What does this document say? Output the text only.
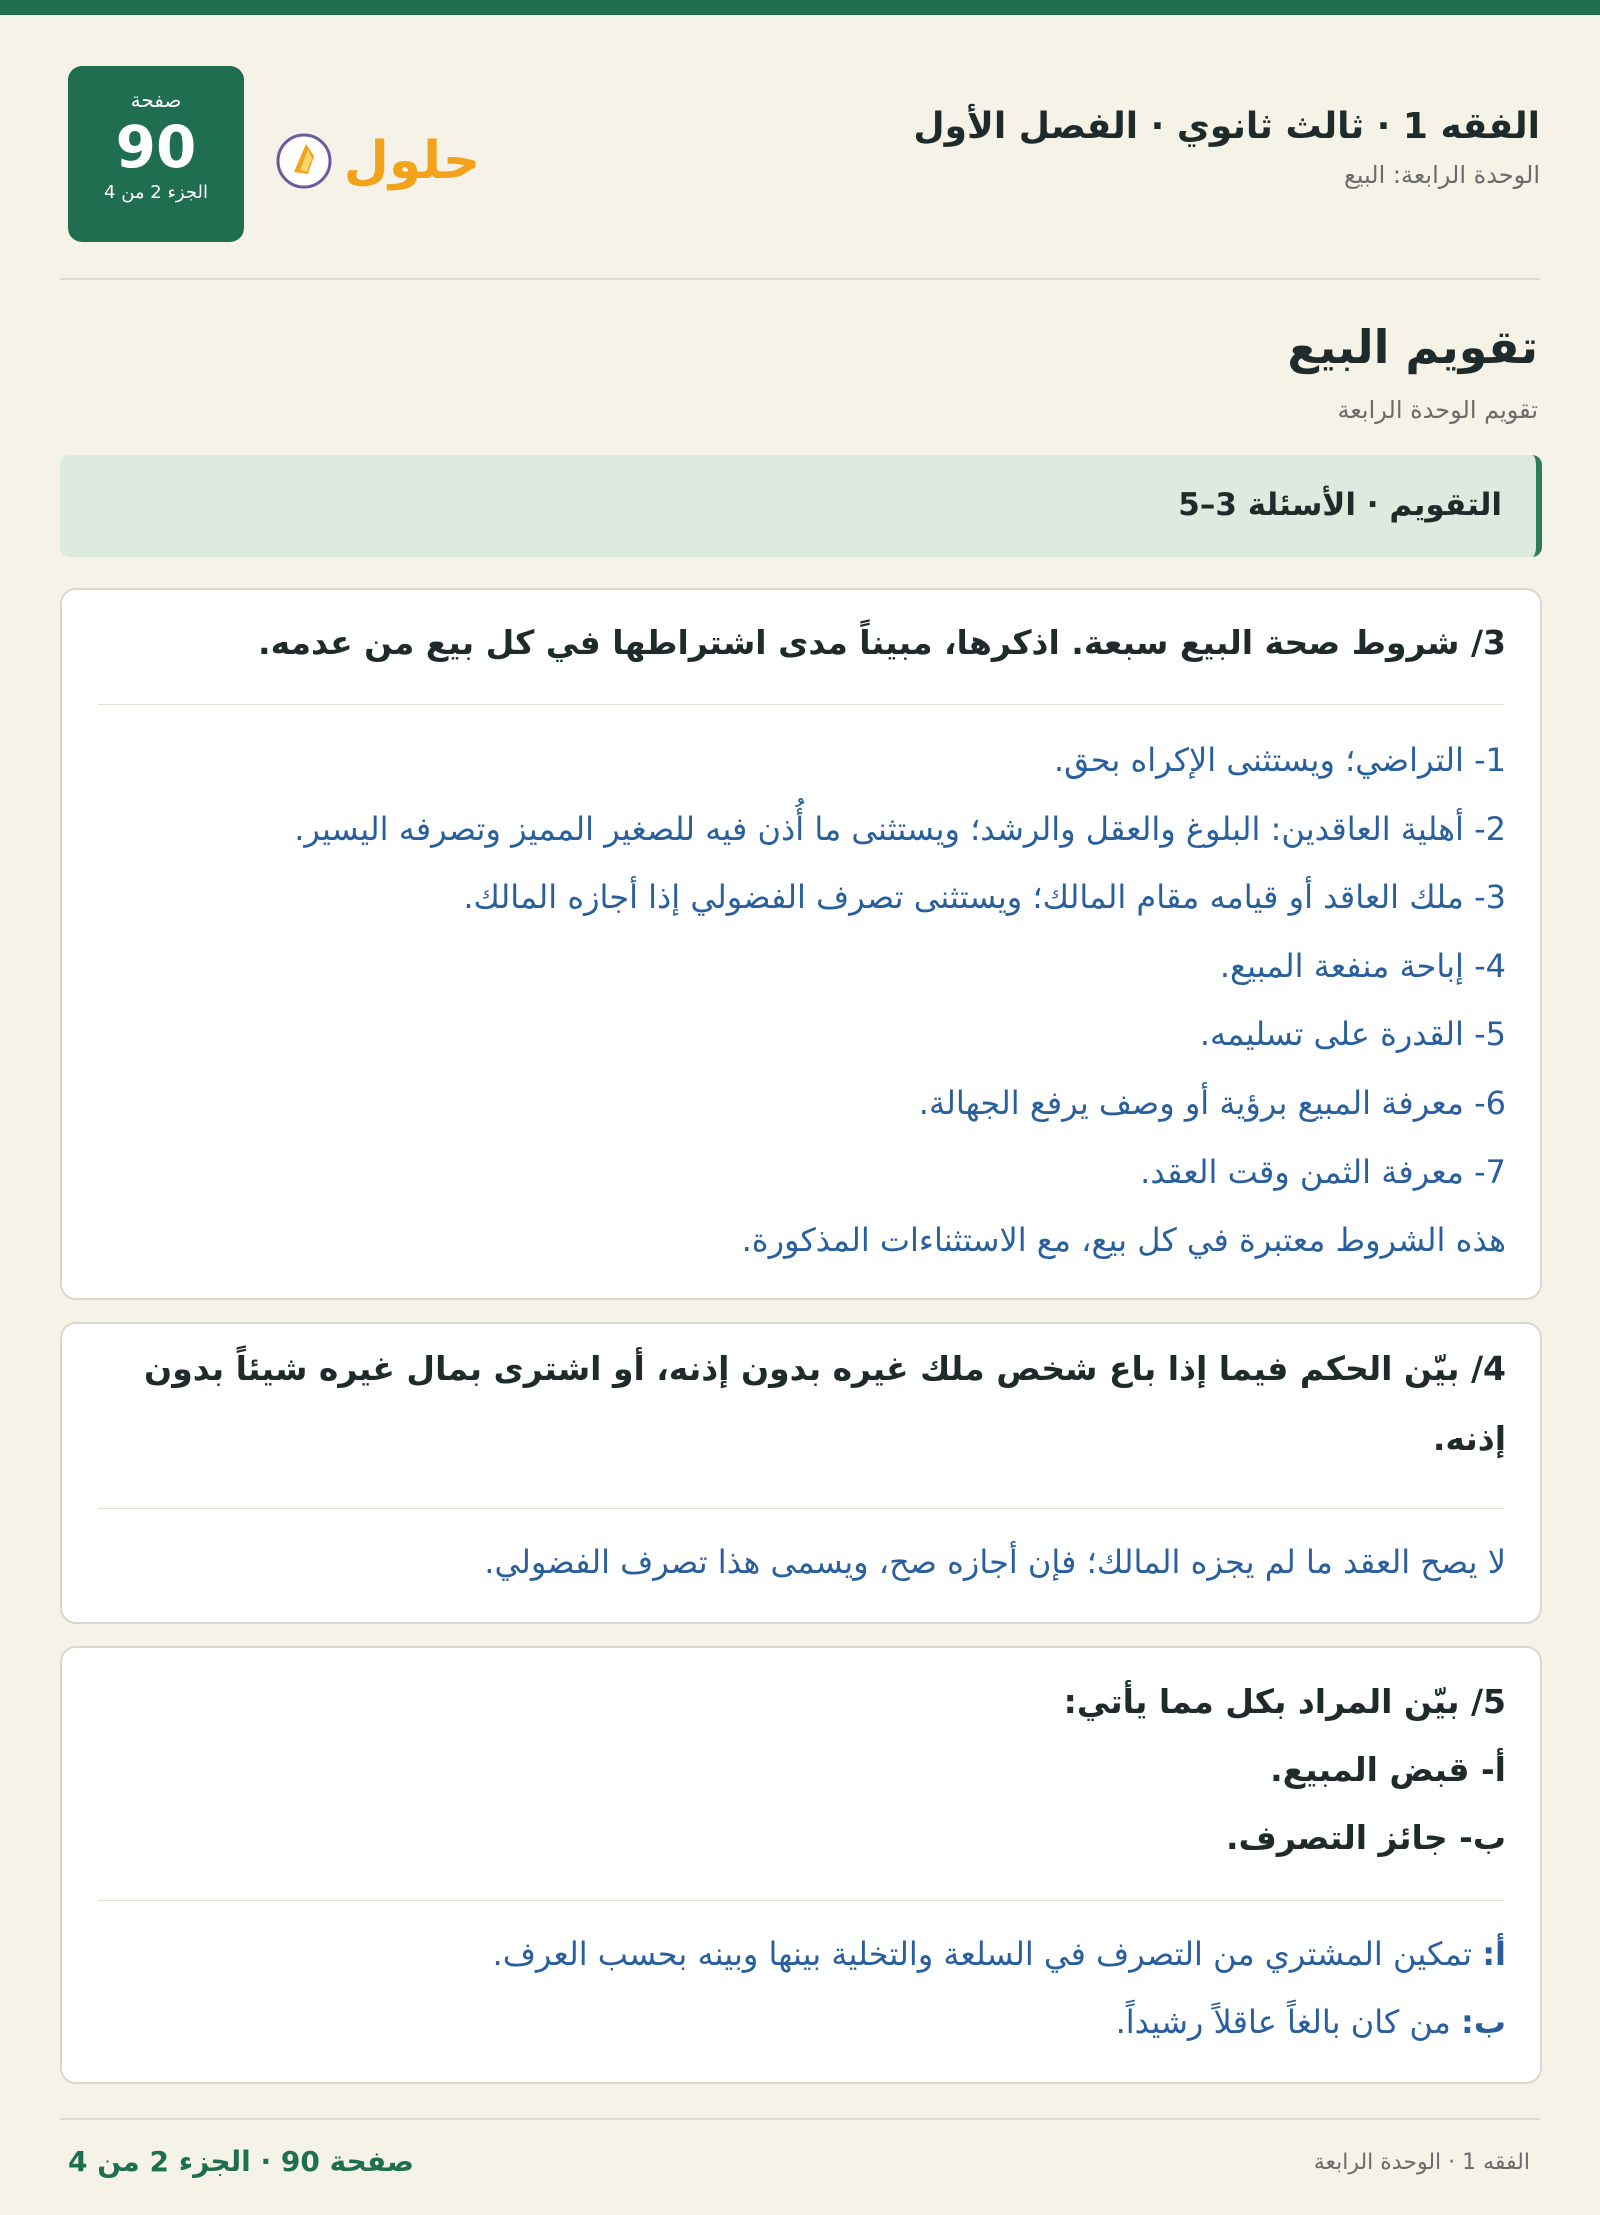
الفقه 1 · ثالث ثانوي · الفصل الأول
الوحدة الرابعة: البيع
صفحة
90
الجزء 2 من 4
حلول
تقويم البيع
تقويم الوحدة الرابعة
التقويم · الأسئلة 3–5
3/ شروط صحة البيع سبعة. اذكرها، مبيناً مدى اشتراطها في كل بيع من عدمه.
1- التراضي؛ ويستثنى الإكراه بحق.
2- أهلية العاقدين: البلوغ والعقل والرشد؛ ويستثنى ما أُذن فيه للصغير المميز وتصرفه اليسير.
3- ملك العاقد أو قيامه مقام المالك؛ ويستثنى تصرف الفضولي إذا أجازه المالك.
4- إباحة منفعة المبيع.
5- القدرة على تسليمه.
6- معرفة المبيع برؤية أو وصف يرفع الجهالة.
7- معرفة الثمن وقت العقد.
هذه الشروط معتبرة في كل بيع، مع الاستثناءات المذكورة.
4/ بيّن الحكم فيما إذا باع شخص ملك غيره بدون إذنه، أو اشترى بمال غيره شيئاً بدون إذنه.
لا يصح العقد ما لم يجزه المالك؛ فإن أجازه صح، ويسمى هذا تصرف الفضولي.
5/ بيّن المراد بكل مما يأتي:
أ- قبض المبيع.
ب- جائز التصرف.
أ: تمكين المشتري من التصرف في السلعة والتخلية بينها وبينه بحسب العرف.
ب: من كان بالغاً عاقلاً رشيداً.
صفحة 90 · الجزء 2 من 4	الفقه 1 · الوحدة الرابعة
